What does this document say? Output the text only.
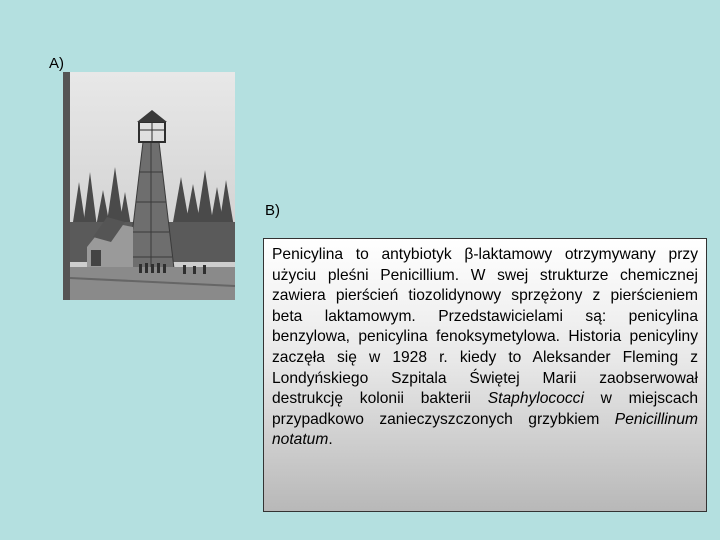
A)
B)

Penicylina to antybiotyk β-laktamowy otrzymywany przy użyciu pleśni Penicillium. W swej strukturze chemicznej zawiera pierścień tiozolidynowy sprzężony z pierścieniem beta laktamowym. Przedstawicielami są: penicylina benzylowa, penicylina fenoksymetylowa. Historia penicyliny zaczęła się w 1928 r. kiedy to Aleksander Fleming z Londyńskiego Szpitala Świętej Marii zaobserwował destrukcję kolonii bakterii Staphylococci w miejscach przypadkowo zanieczyszczonych grzybkiem Penicillinum notatum.
